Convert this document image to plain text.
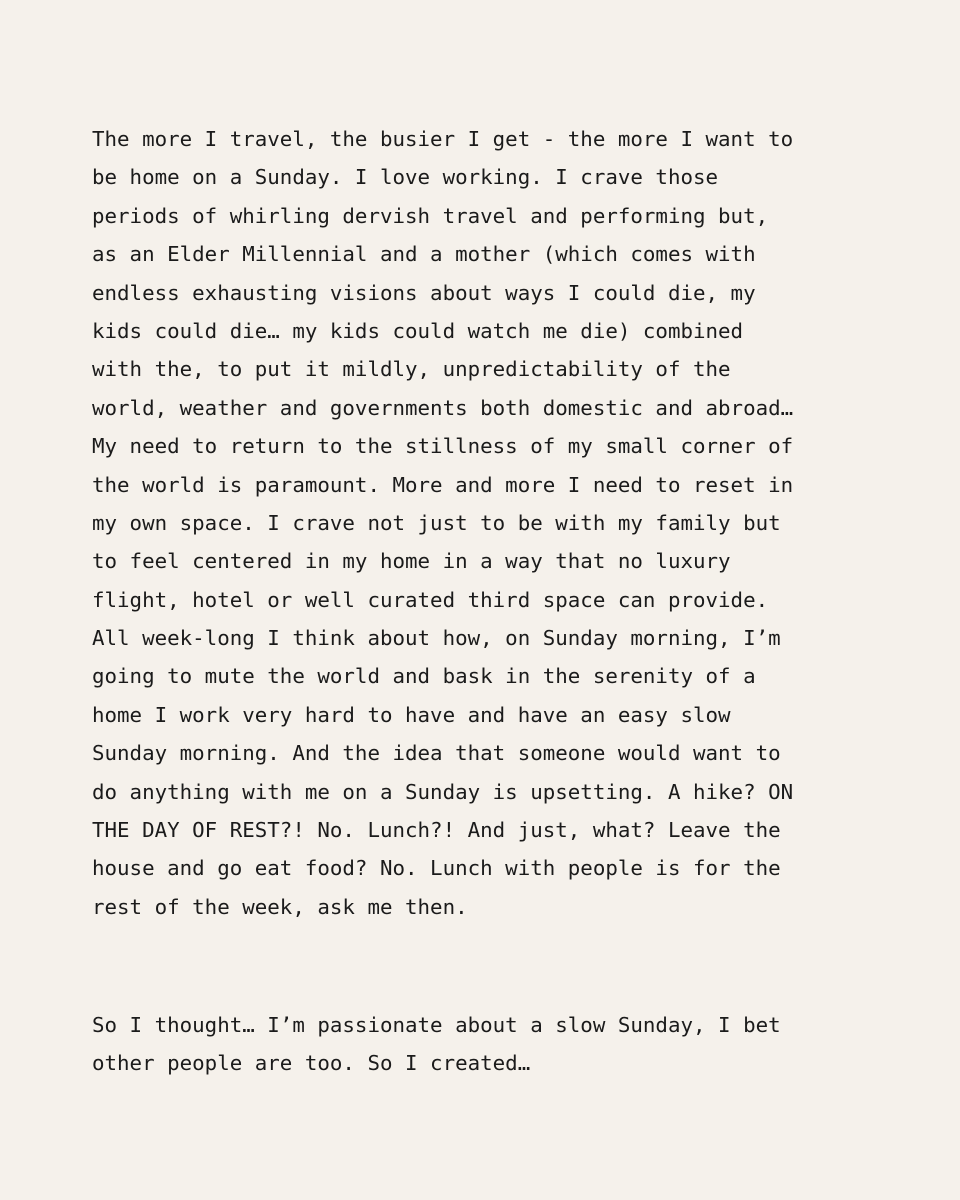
The more I travel, the busier I get - the more I want to
be home on a Sunday. I love working. I crave those
periods of whirling dervish travel and performing but,
as an Elder Millennial and a mother (which comes with
endless exhausting visions about ways I could die, my
kids could die… my kids could watch me die) combined
with the, to put it mildly, unpredictability of the
world, weather and governments both domestic and abroad…
My need to return to the stillness of my small corner of
the world is paramount. More and more I need to reset in
my own space. I crave not just to be with my family but
to feel centered in my home in a way that no luxury
flight, hotel or well curated third space can provide.
All week-long I think about how, on Sunday morning, I’m
going to mute the world and bask in the serenity of a
home I work very hard to have and have an easy slow
Sunday morning. And the idea that someone would want to
do anything with me on a Sunday is upsetting. A hike? ON
THE DAY OF REST?! No. Lunch?! And just, what? Leave the
house and go eat food? No. Lunch with people is for the
rest of the week, ask me then.

So I thought… I’m passionate about a slow Sunday, I bet
other people are too. So I created…
